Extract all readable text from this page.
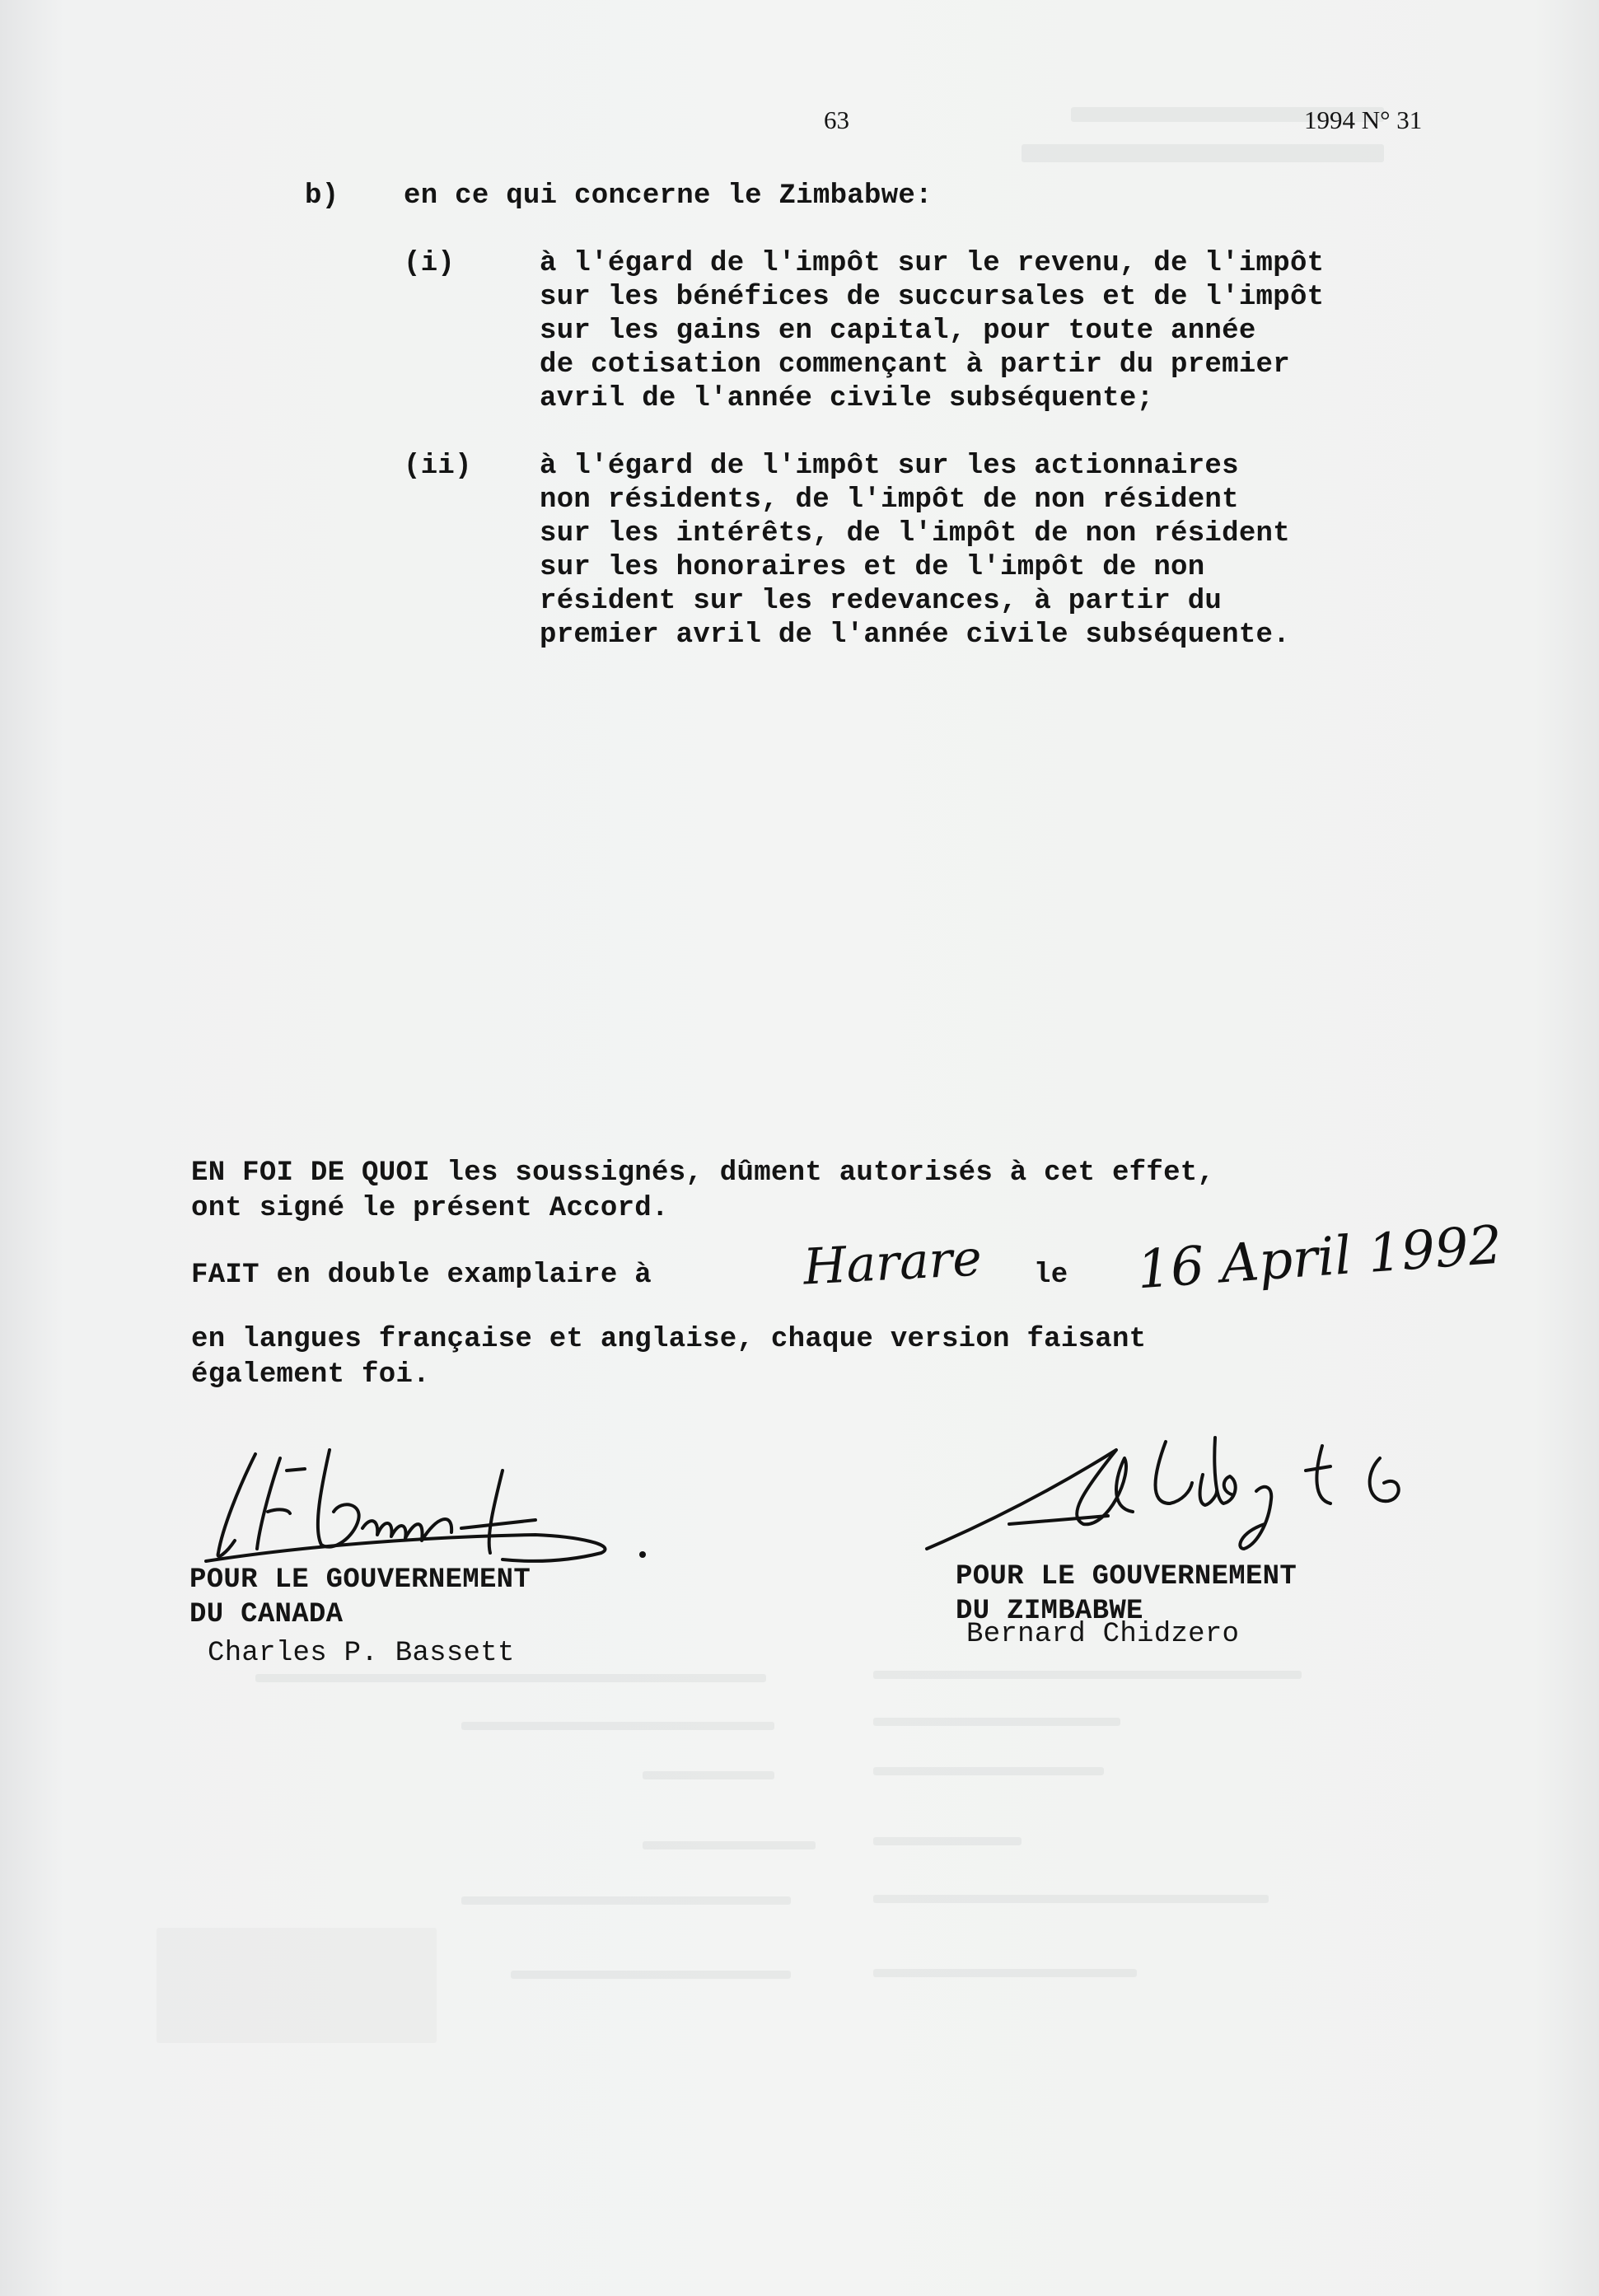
63	1994 N° 31
b) en ce qui concerne le Zimbabwe:
(i)	à l'égard de l'impôt sur le revenu, de l'impôt
sur les bénéfices de succursales et de l'impôt
sur les gains en capital, pour toute année
de cotisation commençant à partir du premier
avril de l'année civile subséquente;
(ii) à l'égard de l'impôt sur les actionnaires
non résidents, de l'impôt de non résident
sur les intérêts, de l'impôt de non résident
sur les honoraires et de l'impôt de non
résident sur les redevances, à partir du
premier avril de l'année civile subséquente.
EN FOI DE QUOI les soussignés, dûment autorisés à cet effet,
ont signé le présent Accord.
FAIT en double examplaire à	Harare le 16 April 1992
en langues française et anglaise, chaque version faisant
également foi.
POUR LE GOUVERNEMENT
DU CANADA
Charles P. Bassett
POUR LE GOUVERNEMENT
DU ZIMBABWE
Bernard Chidzero
